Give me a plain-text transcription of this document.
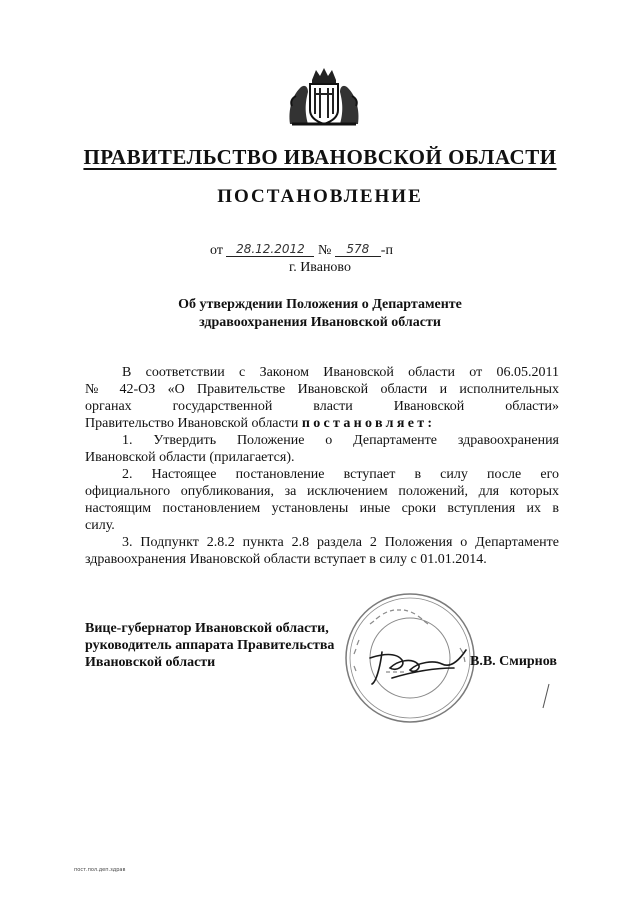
ПРАВИТЕЛЬСТВО ИВАНОВСКОЙ ОБЛАСТИ
ПОСТАНОВЛЕНИЕ
от 28.12.2012 № 578 -п
г. Иваново
Об утверждении Положения о Департаменте
здравоохранения Ивановской области

В соответствии с Законом Ивановской области от 06.05.2011

№ 42-ОЗ «О Правительстве Ивановской области и исполнительных

органах государственной власти Ивановской области»

Правительство Ивановской области постановляет:

1. Утвердить Положение о Департаменте здравоохранения

Ивановской области (прилагается).

2. Настоящее постановление вступает в силу после его

официального опубликования, за исключением положений, для которых

настоящим постановлением установлены иные сроки вступления их в

силу.

3. Подпункт 2.8.2 пункта 2.8 раздела 2 Положения о Департаменте

здравоохранения Ивановской области вступает в силу с 01.01.2014.

Вице-губернатор Ивановской области,
руководитель аппарата Правительства
Ивановской области	В.В. Смирнов
пост.пол.деп.здрав
